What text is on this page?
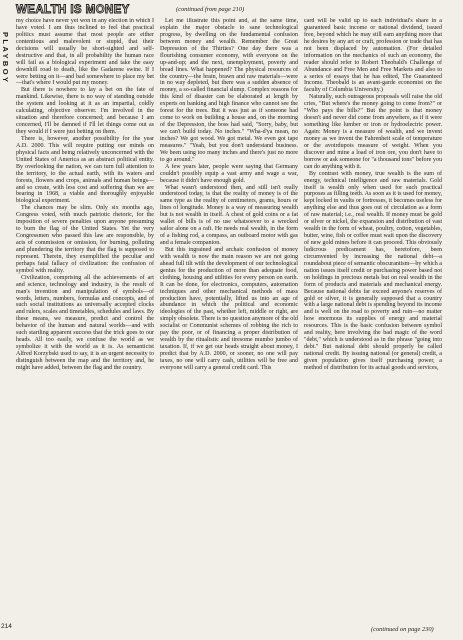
PLAYBOY
214
WEALTH IS MONEY	(continued from page 210)

my choice have never yet won in any election in which I have voted. I am thus inclined to feel that practical politics must assume that most people are either contentious and malevolent or stupid, that their decisions will usually be short-sighted and self-destructive and that, in all probability the human race will fail as a biological experiment and take the easy downhill road to death, like the Gadarene swine. If I were betting on it—and bad somewhere to place my bet—that's where I would put my money.

But there is nowhere to lay a bet on the fate of mankind. Likewise, there is no way of standing outside the system and looking at it as an impartial, coldly calculating, objective observer. I'm involved in the situation and therefore concerned; and because I am concerned, I'll be damned if I'll let things come out as they would if I were just betting on them.

There is, however, another possibility for the year A.D. 2000. This will require putting our minds on physical facts and being relatively unconcerned with the United States of America as an abstract political entity. By overlooking the nation, we can turn full attention to the territory, to the actual earth, with its waters and forests, flowers and crops, animals and human beings—and so create, with less cost and suffering than we are bearing in 1968, a viable and thoroughly enjoyable biological experiment.

The chances may be slim. Only six months ago, Congress voted, with much patriotic rhetoric, for the imposition of severe penalties upon anyone presuming to burn the flag of the United States. Yet the very Congressmen who passed this law are responsible, by acts of commission or omission, for burning, polluting and plundering the territory that the flag is supposed to represent. Therein, they exemplified the peculiar and perhaps fatal fallacy of civilization: the confusion of symbol with reality.

Civilization, comprising all the achievements of art and science, technology and industry, is the result of man's invention and manipulation of symbols—of words, letters, numbers, formulas and concepts, and of such social institutions as universally accepted clocks and rulers, scales and timetables, schedules and laws. By these means, we measure, predict and control the behavior of the human and natural worlds—and with such startling apparent success that the trick goes to our heads. All too easily, we confuse the world as we symbolize it with the world as it is. As semanticist Alfred Korzybski used to say, it is an urgent necessity to distinguish between the map and the territory and, he might have added, between the flag and the country.

Let me illustrate this point and, at the same time, explain the major obstacle to sane technological progress, by dwelling on the fundamental confusion between money and wealth. Remember the Great Depression of the Thirties? One day there was a flourishing consumer economy, with everyone on the up-and-up; and the next, unemployment, poverty and bread lines. What happened? The physical resources of the country—the brain, brawn and raw materials—were in no way depleted, but there was a sudden absence of money, a so-called financial slump. Complex reasons for this kind of disaster can be elaborated at length by experts on banking and high finance who cannot see the forest for the trees. But it was just as if someone had come to work on building a house and, on the morning of the Depression, the boss had said, "Sorry, baby, but we can't build today. No inches." "Wha-d'ya mean, no inches? We got wood. We got metal. We even got tape measures." "Yeah, but you don't understand business. We been using too many inches and there's just no more to go around."

A few years later, people were saying that Germany couldn't possibly equip a vast army and wage a war, because it didn't have enough gold.

What wasn't understood then, and still isn't really understood today, is that the reality of money is of the same type as the reality of centimeters, grams, hours or lines of longitude. Money is a way of measuring wealth but is not wealth in itself. A chest of gold coins or a fat wallet of bills is of no use whatsoever to a wrecked sailor alone on a raft. He needs real wealth, in the form of a fishing rod, a compass, an outboard motor with gas and a female companion.

But this ingrained and archaic confusion of money with wealth is now the main reason we are not going ahead full tilt with the development of our technological genius for the production of more than adequate food, clothing, housing and utilities for every person on earth. It can be done, for electronics, computers, automation techniques and other mechanical methods of mass production have, potentially, lifted us into an age of abundance in which the political and economic ideologies of the past, whether left, middle or right, are simply obsolete. There is no question anymore of the old socialist or Communist schemes of robbing the rich to pay the poor, or of financing a proper distribution of wealth by the ritualistic and tiresome mumbo jumbo of taxation. If, if we get our heads straight about money, I predict that by A.D. 2000, or sooner, no one will pay taxes, no one will carry cash, utilities will be free and everyone will carry a general credit card. This

card will be valid up to each individual's share in a guaranteed basic income or national dividend, issued free, beyond which he may still earn anything more that he desires by any art or craft, profession or trade that has not been displaced by automation. (For detailed information on the mechanics of such an economy, the reader should refer to Robert Theobald's Challenge of Abundance and Free Men and Free Markets and also to a series of essays that he has edited, The Guaranteed Income. Theobald is an avant-garde economist on the faculty of Columbia University.)

Naturally, such outrageous proposals will raise the old cries, "But where's the money going to come from?" or "Who pays the bills?" But the point is that money doesn't and never did come from anywhere, as if it were something like lumber or iron or hydroelectric power. Again: Money is a measure of wealth, and we invent money as we invent the Fahrenheit scale of temperature or the avoirdupois measure of weight. When you discover and mine a load of iron ore, you don't have to borrow or ask someone for "a thousand tons" before you can do anything with it.

By contrast with money, true wealth is the sum of energy, technical intelligence and raw materials. Gold itself is wealth only when used for such practical purposes as filling teeth. As soon as it is used for money, kept locked in vaults or fortresses, it becomes useless for anything else and thus goes out of circulation as a form of raw material; i.e., real wealth. If money must be gold or silver or nickel, the expansion and distribution of vast wealth in the form of wheat, poultry, cotton, vegetables, butter, wine, fish or coffee must wait upon the discovery of new gold mines before it can proceed. This obviously ludicrous predicament has, heretofore, been circumvented by increasing the national debt—a roundabout piece of semantic obscurantism—by which a nation issues itself credit or purchasing power based not on holdings in precious metals but on real wealth in the form of products and materials and mechanical energy. Because national debts far exceed anyone's reserves of gold or silver, it is generally supposed that a country with a large national debt is spending beyond its income and is well on the road to poverty and ruin—no matter how enormous its supplies of energy and material resources. This is the basic confusion between symbol and reality, here involving the bad magic of the word "debt," which is understood as in the phrase "going into debt." But national debt should properly be called national credit. By issuing national (or general) credit, a given population gives itself purchasing power, a method of distribution for its actual goods and services,

(continued on page 230)
